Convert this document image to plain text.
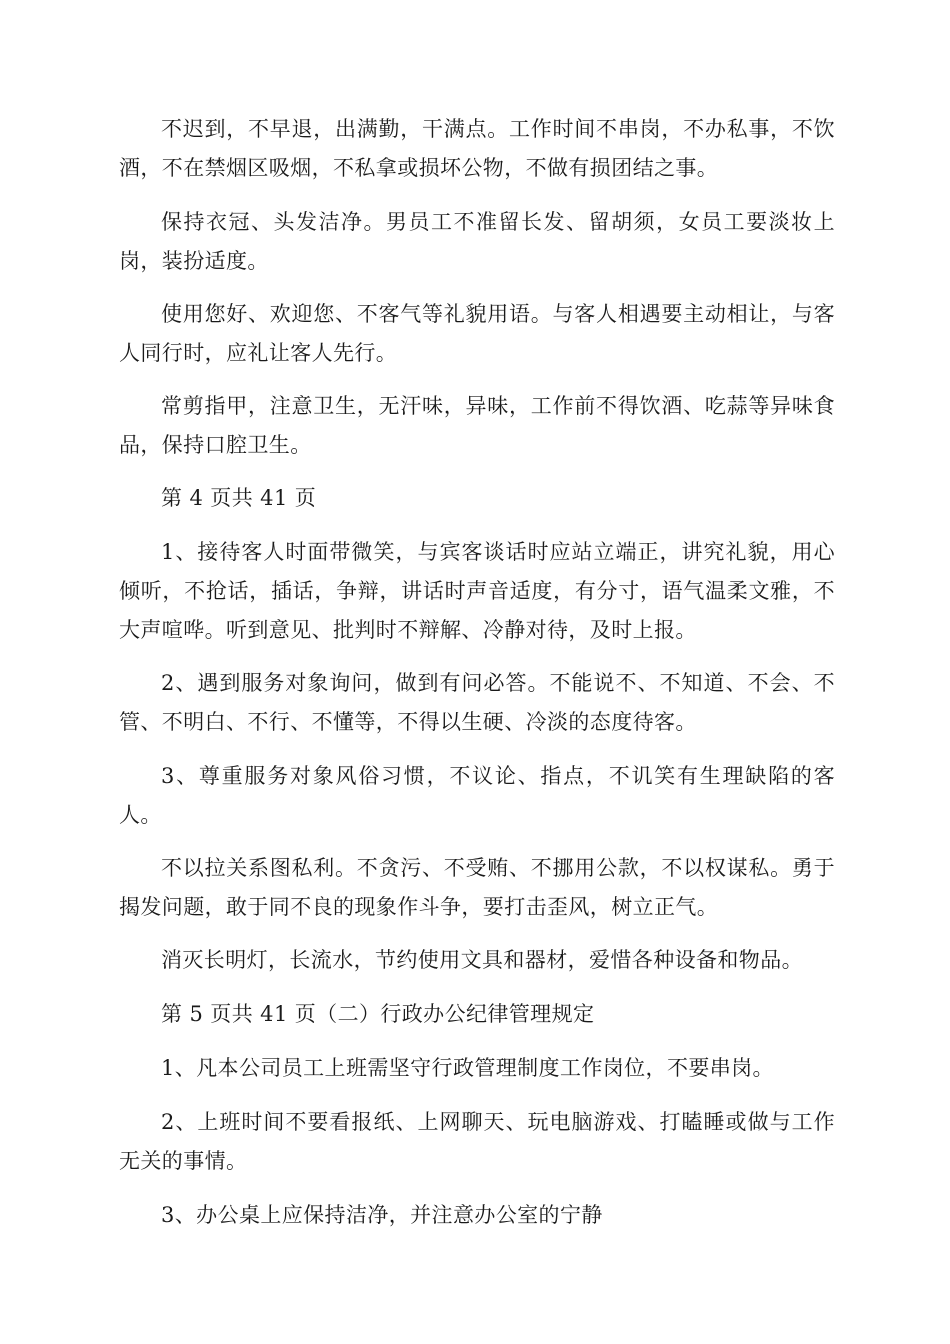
不迟到，不早退，出满勤，干满点。工作时间不串岗，不办私事，不饮酒，不在禁烟区吸烟，不私拿或损坏公物，不做有损团结之事。

保持衣冠、头发洁净。男员工不准留长发、留胡须，女员工要淡妆上岗，装扮适度。

使用您好、欢迎您、不客气等礼貌用语。与客人相遇要主动相让，与客人同行时，应礼让客人先行。

常剪指甲，注意卫生，无汗味，异味，工作前不得饮酒、吃蒜等异味食品，保持口腔卫生。

第 4 页共 41 页

1、接待客人时面带微笑，与宾客谈话时应站立端正，讲究礼貌，用心倾听，不抢话，插话，争辩，讲话时声音适度，有分寸，语气温柔文雅，不大声喧哗。听到意见、批判时不辩解、冷静对待，及时上报。

2、遇到服务对象询问，做到有问必答。不能说不、不知道、不会、不管、不明白、不行、不懂等，不得以生硬、冷淡的态度待客。

3、尊重服务对象风俗习惯，不议论、指点，不讥笑有生理缺陷的客人。

不以拉关系图私利。不贪污、不受贿、不挪用公款，不以权谋私。勇于揭发问题，敢于同不良的现象作斗争，要打击歪风，树立正气。

消灭长明灯，长流水，节约使用文具和器材，爱惜各种设备和物品。

第 5 页共 41 页（二）行政办公纪律管理规定

1、凡本公司员工上班需坚守行政管理制度工作岗位，不要串岗。

2、上班时间不要看报纸、上网聊天、玩电脑游戏、打瞌睡或做与工作无关的事情。

3、办公桌上应保持洁净，并注意办公室的宁静
